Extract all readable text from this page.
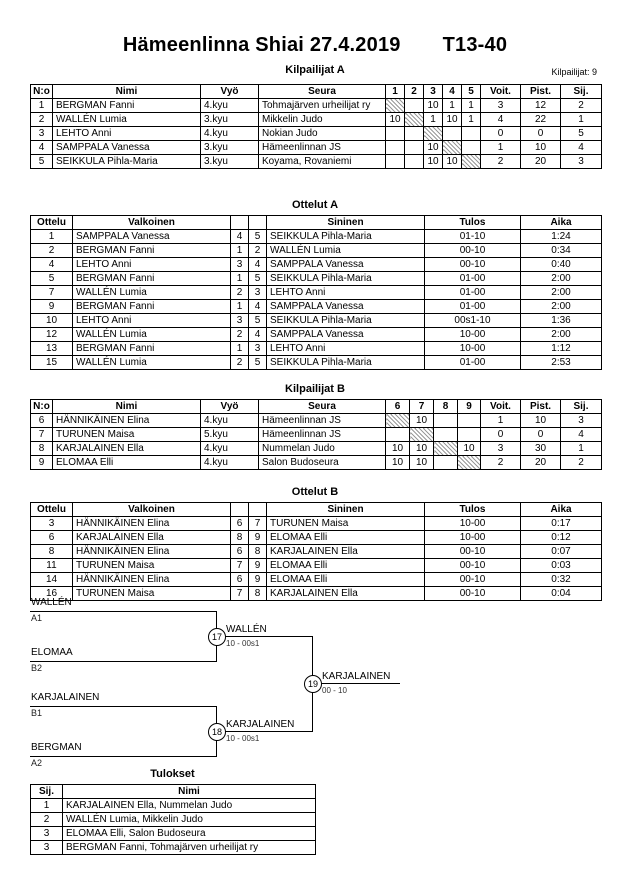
Hämeenlinna Shiai 27.4.2019 T13-40
Kilpailijat: 9
Kilpailijat A
N:o	Nimi	Vyö	Seura	1	2	3	4	5	Voit.	Pist.	Sij.
1	BERGMAN Fanni	4.kyu	Tohmajärven urheilijat ry			10	1	1	3	12	2
2	WALLÉN Lumia	3.kyu	Mikkelin Judo	10		1	10	1	4	22	1
3	LEHTO Anni	4.kyu	Nokian Judo						0	0	5
4	SAMPPALA Vanessa	3.kyu	Hämeenlinnan JS			10			1	10	4
5	SEIKKULA Pihla-Maria	3.kyu	Koyama, Rovaniemi			10	10		2	20	3
Ottelut A
Ottelu	Valkoinen			Sininen	Tulos	Aika
1	SAMPPALA Vanessa	4	5	SEIKKULA Pihla-Maria	01-10	1:24
2	BERGMAN Fanni	1	2	WALLÉN Lumia	00-10	0:34
4	LEHTO Anni	3	4	SAMPPALA Vanessa	00-10	0:40
5	BERGMAN Fanni	1	5	SEIKKULA Pihla-Maria	01-00	2:00
7	WALLÉN Lumia	2	3	LEHTO Anni	01-00	2:00
9	BERGMAN Fanni	1	4	SAMPPALA Vanessa	01-00	2:00
10	LEHTO Anni	3	5	SEIKKULA Pihla-Maria	00s1-10	1:36
12	WALLÉN Lumia	2	4	SAMPPALA Vanessa	10-00	2:00
13	BERGMAN Fanni	1	3	LEHTO Anni	10-00	1:12
15	WALLÉN Lumia	2	5	SEIKKULA Pihla-Maria	01-00	2:53
Kilpailijat B
N:o	Nimi	Vyö	Seura	6	7	8	9	Voit.	Pist.	Sij.
6	HÄNNIKÄINEN Elina	4.kyu	Hämeenlinnan JS		10			1	10	3
7	TURUNEN Maisa	5.kyu	Hämeenlinnan JS					0	0	4
8	KARJALAINEN Ella	4.kyu	Nummelan Judo	10	10		10	3	30	1
9	ELOMAA Elli	4.kyu	Salon Budoseura	10	10			2	20	2
Ottelut B
Ottelu	Valkoinen			Sininen	Tulos	Aika
3	HÄNNIKÄINEN Elina	6	7	TURUNEN Maisa	10-00	0:17
6	KARJALAINEN Ella	8	9	ELOMAA Elli	10-00	0:12
8	HÄNNIKÄINEN Elina	6	8	KARJALAINEN Ella	00-10	0:07
11	TURUNEN Maisa	7	9	ELOMAA Elli	00-10	0:03
14	HÄNNIKÄINEN Elina	6	9	ELOMAA Elli	00-10	0:32
16	TURUNEN Maisa	7	8	KARJALAINEN Ella	00-10	0:04
WALLÉN
A1
ELOMAA
B2
KARJALAINEN
B1
BERGMAN
A2
17
WALLÉN
10 - 00s1
18
KARJALAINEN
10 - 00s1
19
KARJALAINEN
00 - 10
Tulokset
Sij.	Nimi
1	KARJALAINEN Ella, Nummelan Judo
2	WALLÉN Lumia, Mikkelin Judo
3	ELOMAA Elli, Salon Budoseura
3	BERGMAN Fanni, Tohmajärven urheilijat ry
